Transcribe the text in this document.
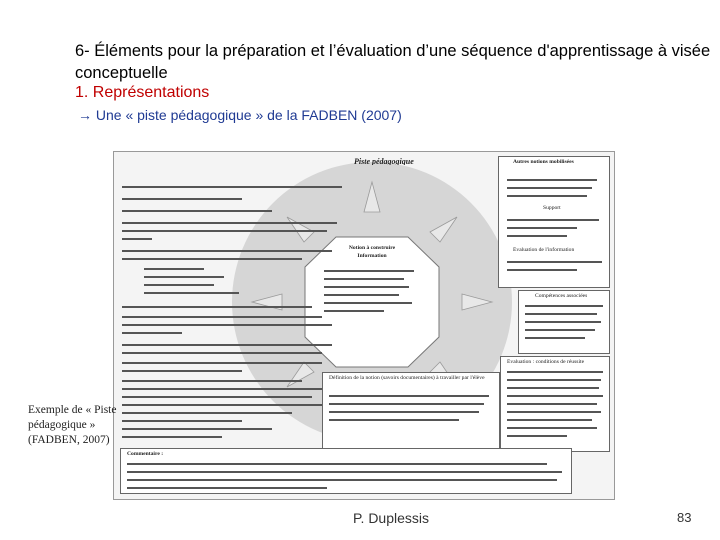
6- Éléments pour la préparation et l’évaluation d’une séquence d'apprentissage à visée conceptuelle
1. Représentations
→ Une « piste pédagogique » de la FADBEN (2007)
Piste pédagogique	Autres notions mobilisées
Support
Évaluation de l'information
Compétences associées
Définition de la notion (savoirs documentaires) à travailler par l'élève
Évaluation : conditions de réussite
Commentaire :
Notion à construire
Information
Exemple de « Piste pédagogique » (FADBEN, 2007)
P. Duplessis	83
